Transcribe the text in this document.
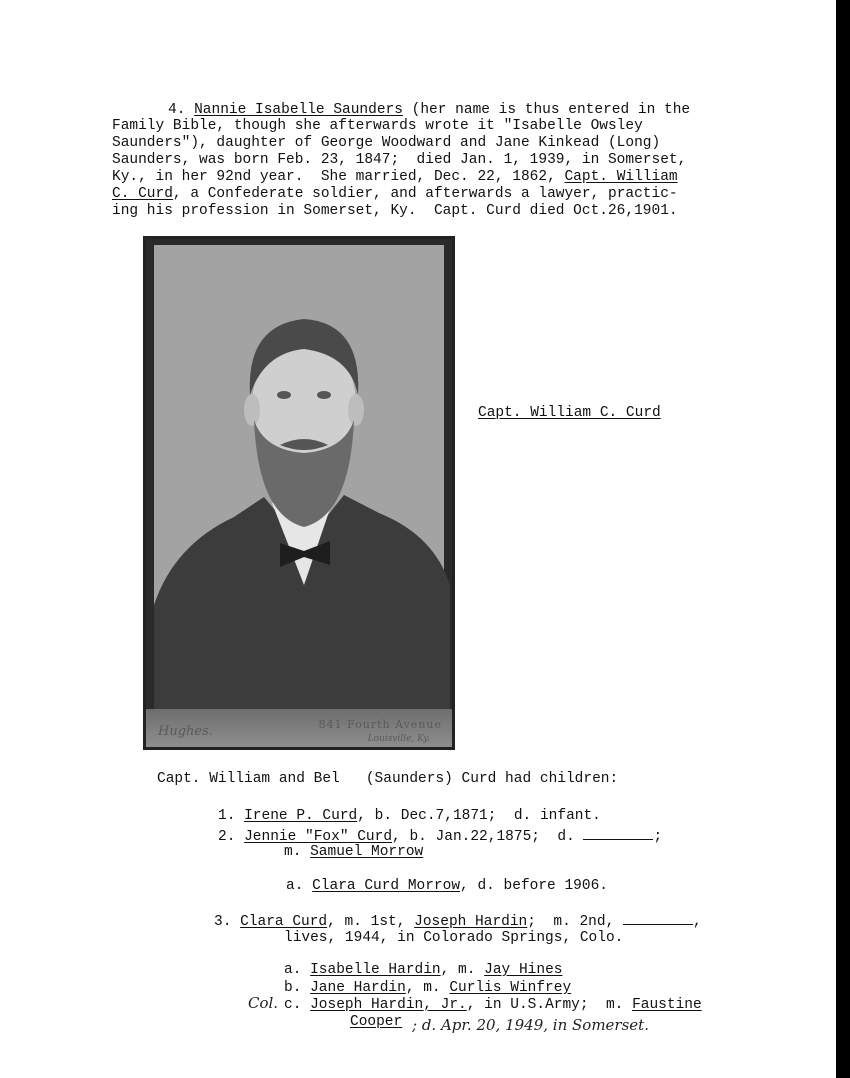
4. Nannie Isabelle Saunders (her name is thus entered in the
Family Bible, though she afterwards wrote it "Isabelle Owsley
Saunders"), daughter of George Woodward and Jane Kinkead (Long)
Saunders, was born Feb. 23, 1847;  died Jan. 1, 1939, in Somerset,
Ky., in her 92nd year.  She married, Dec. 22, 1862, Capt. William
C. Curd, a Confederate soldier, and afterwards a lawyer, practic-
ing his profession in Somerset, Ky.  Capt. Curd died Oct.26,1901.
Hughes.	841 Fourth Avenue
Louisville, Ky.
Capt. William C. Curd
Capt. William and Bel   (Saunders) Curd had children:
1. Irene P. Curd, b. Dec.7,1871;  d. infant.
2. Jennie "Fox" Curd, b. Jan.22,1875;  d.	;
m. Samuel Morrow
a. Clara Curd Morrow, d. before 1906.
3. Clara Curd, m. 1st, Joseph Hardin;  m. 2nd,	,
lives, 1944, in Colorado Springs, Colo.
a. Isabelle Hardin, m. Jay Hines
b. Jane Hardin, m. Curlis Winfrey
Col. c. Joseph Hardin, Jr., in U.S.Army;  m. Faustine
Cooper ; d. Apr. 20, 1949, in Somerset.
